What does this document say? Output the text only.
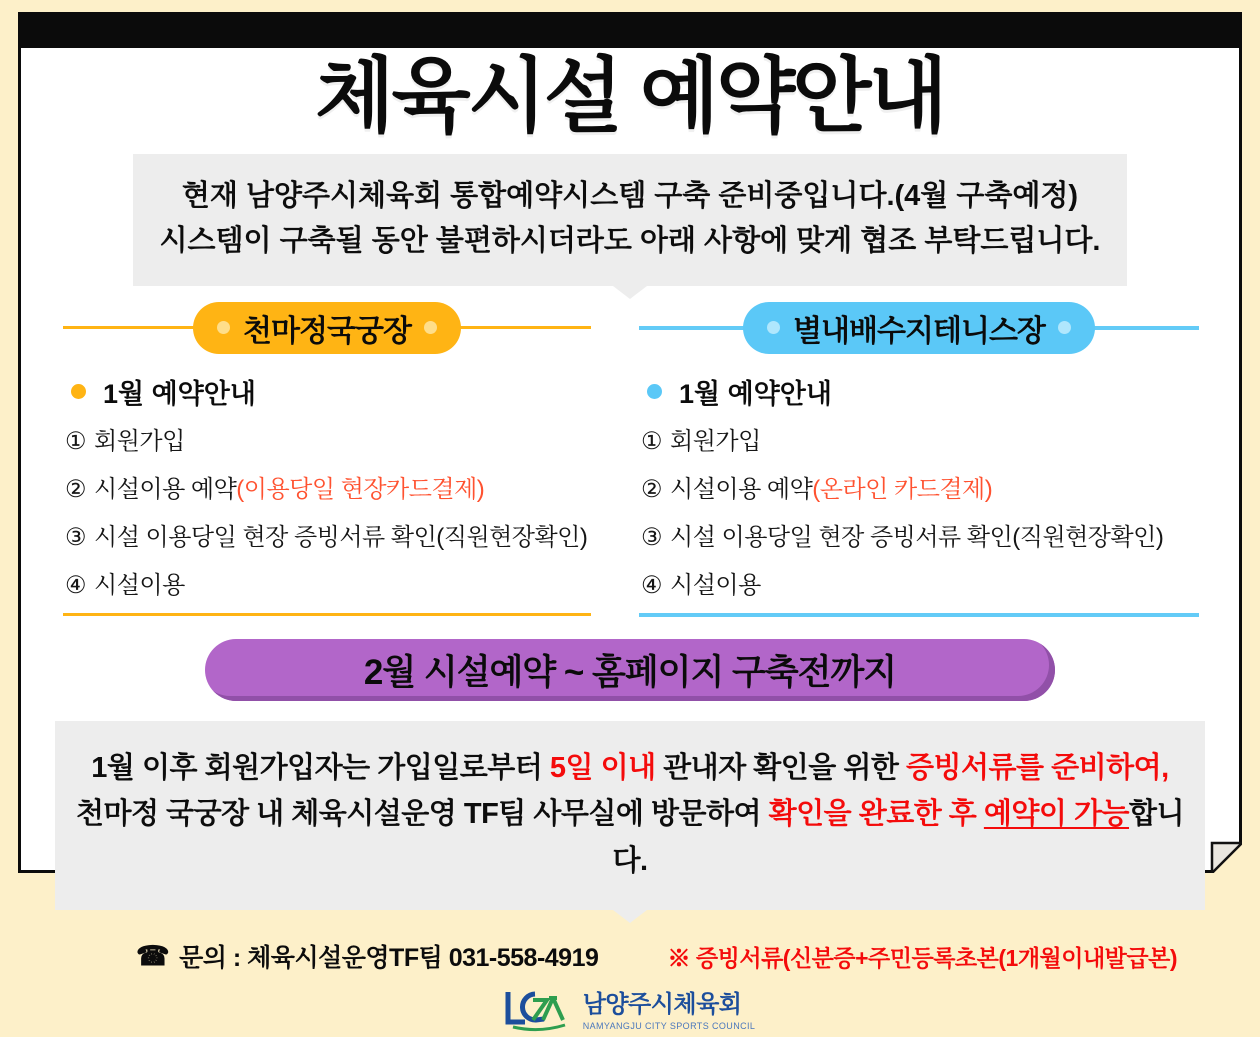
체육시설 예약안내
현재 남양주시체육회 통합예약시스템 구축 준비중입니다.(4월 구축예정)
시스템이 구축될 동안 불편하시더라도 아래 사항에 맞게 협조 부탁드립니다.
천마정국궁장
1월 예약안내
① 회원가입
② 시설이용 예약(이용당일 현장카드결제)
③ 시설 이용당일 현장 증빙서류 확인(직원현장확인)
④ 시설이용
별내배수지테니스장
1월 예약안내
① 회원가입
② 시설이용 예약(온라인 카드결제)
③ 시설 이용당일 현장 증빙서류 확인(직원현장확인)
④ 시설이용
2월 시설예약 ~ 홈페이지 구축전까지
1월 이후 회원가입자는 가입일로부터 5일 이내 관내자 확인을 위한 증빙서류를 준비하여,
천마정 국궁장 내 체육시설운영 TF팀 사무실에 방문하여 확인을 완료한 후 예약이 가능합니다.
☎ 문의 : 체육시설운영TF팀 031-558-4919	※ 증빙서류(신분증+주민등록초본(1개월이내발급본)
남양주시체육회
NAMYANGJU CITY SPORTS COUNCIL
